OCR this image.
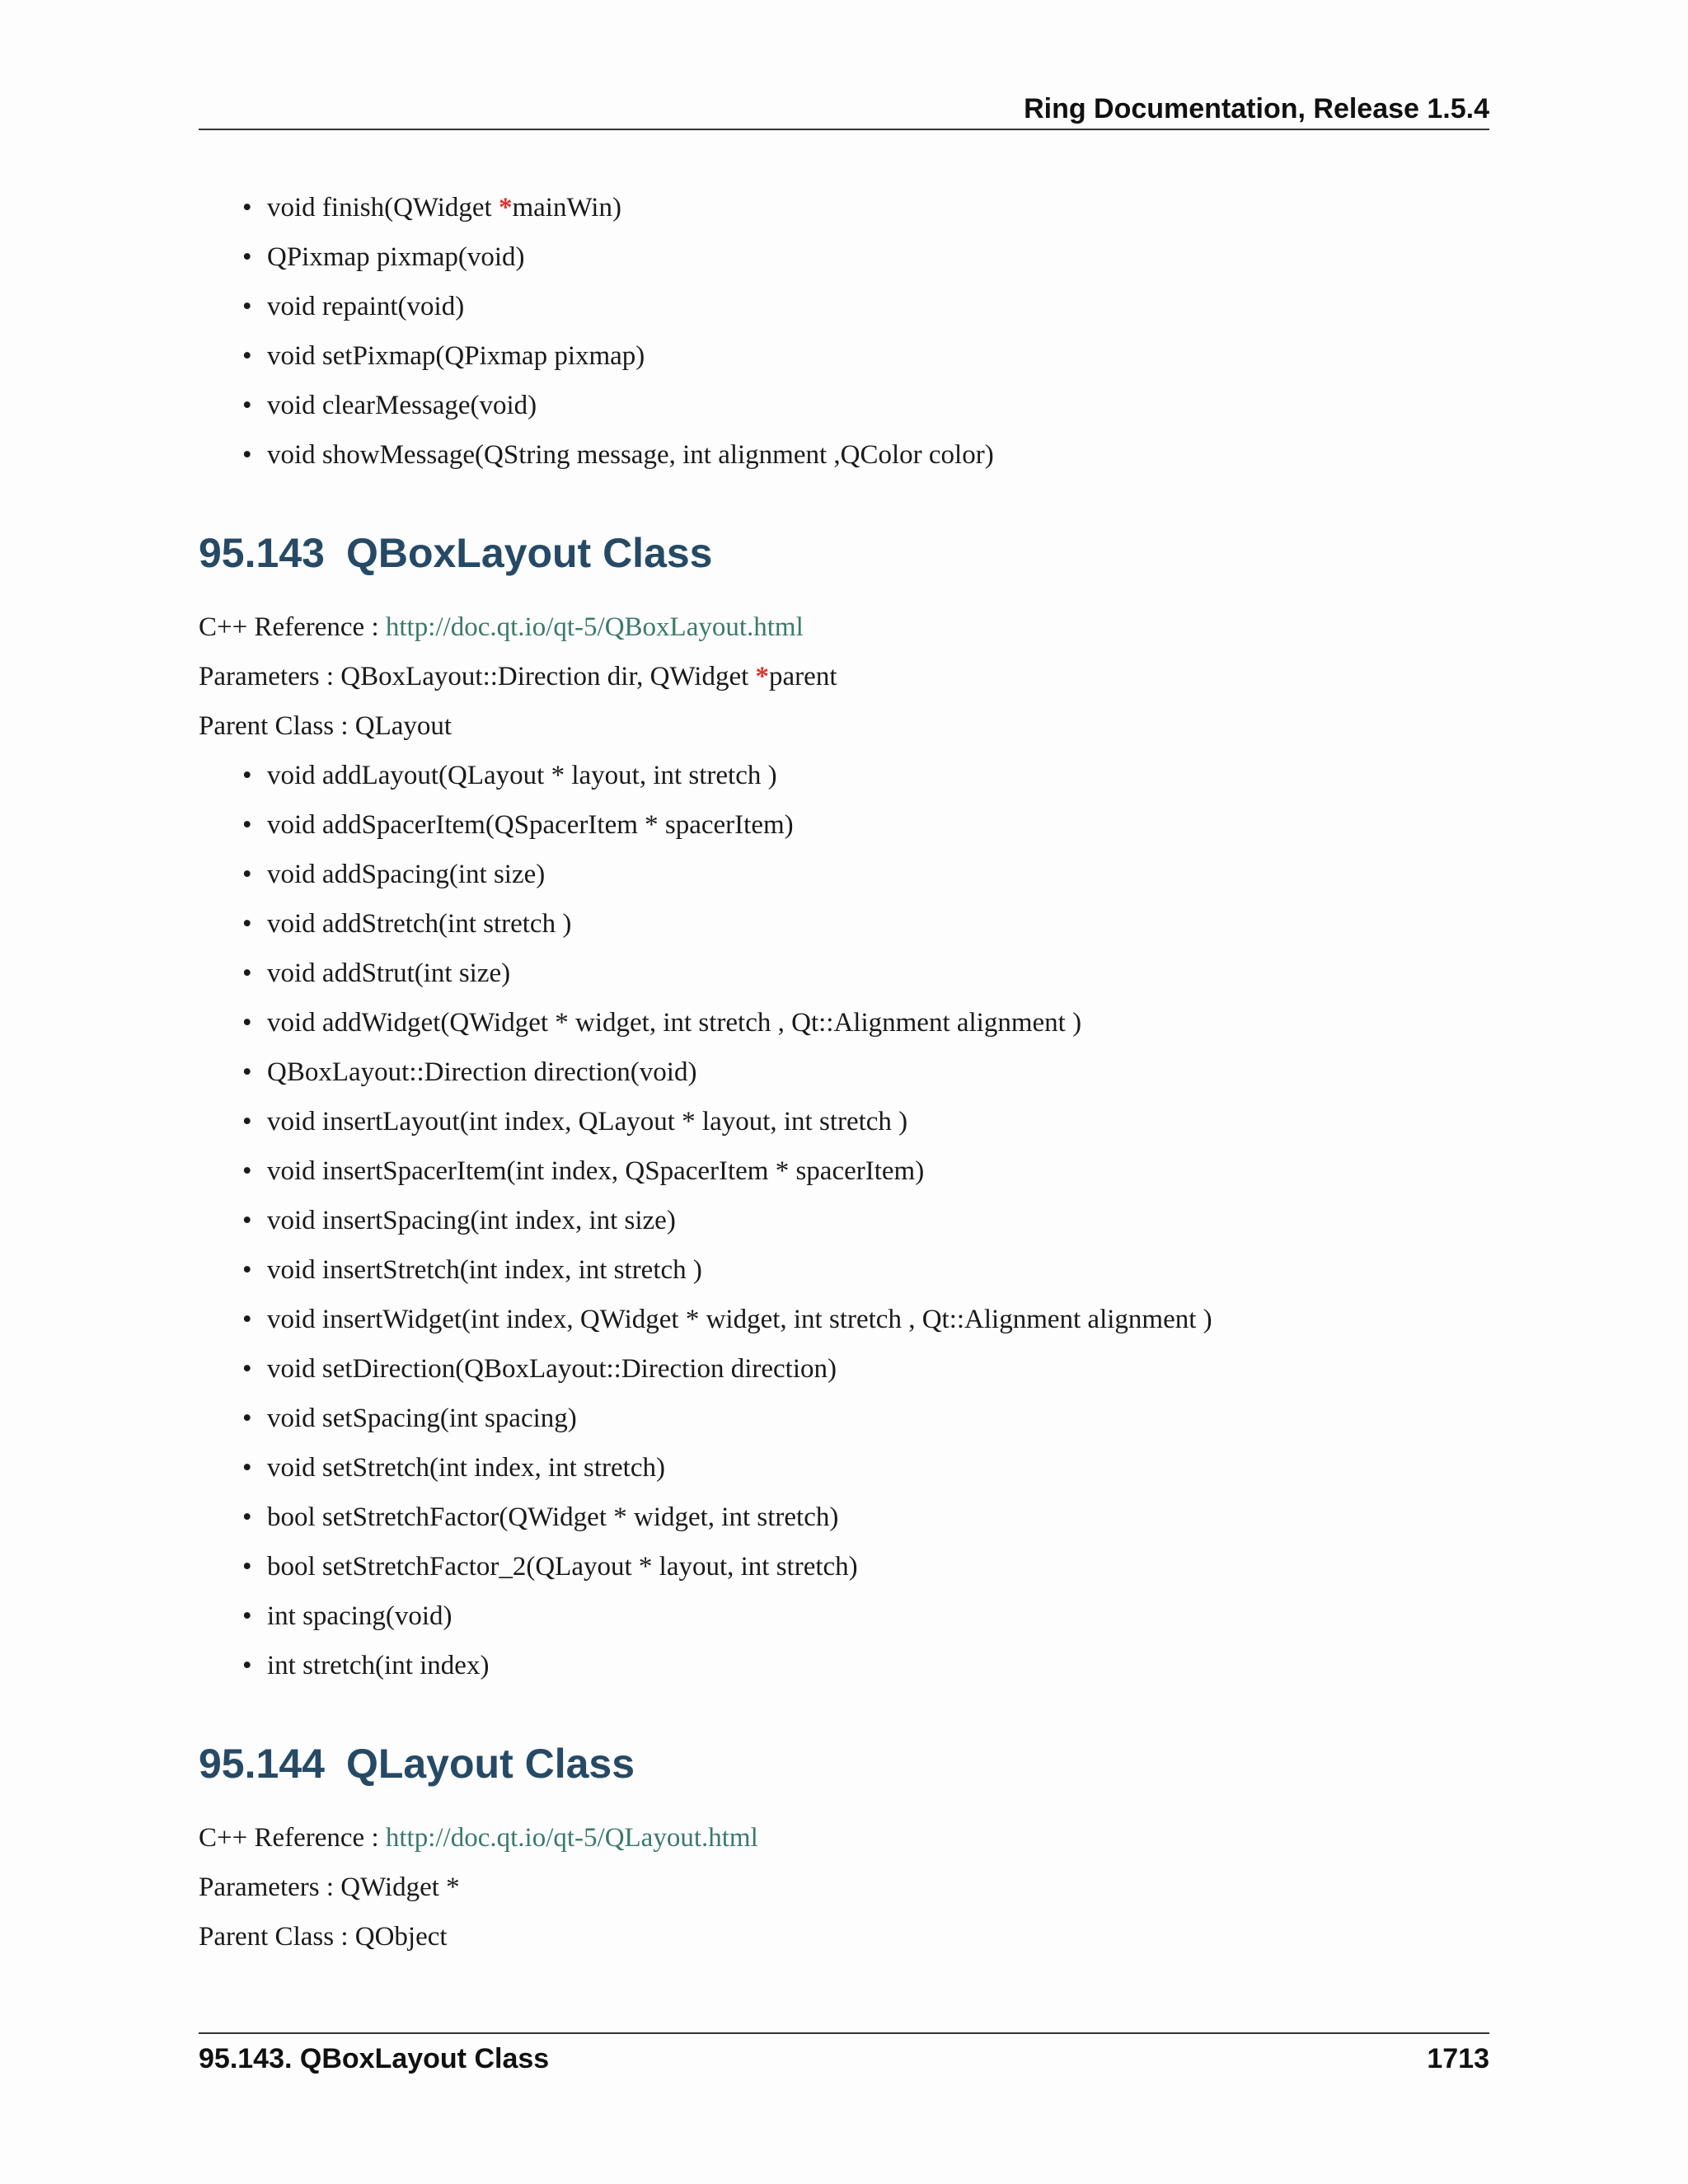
Ring Documentation, Release 1.5.4
• void finish(QWidget *mainWin)
• QPixmap pixmap(void)
• void repaint(void)
• void setPixmap(QPixmap pixmap)
• void clearMessage(void)
• void showMessage(QString message, int alignment ,QColor color)
95.143 QBoxLayout Class

C++ Reference : http://doc.qt.io/qt-5/QBoxLayout.html

Parameters : QBoxLayout::Direction dir, QWidget *parent

Parent Class : QLayout

• void addLayout(QLayout * layout, int stretch )
• void addSpacerItem(QSpacerItem * spacerItem)
• void addSpacing(int size)
• void addStretch(int stretch )
• void addStrut(int size)
• void addWidget(QWidget * widget, int stretch , Qt::Alignment alignment )
• QBoxLayout::Direction direction(void)
• void insertLayout(int index, QLayout * layout, int stretch )
• void insertSpacerItem(int index, QSpacerItem * spacerItem)
• void insertSpacing(int index, int size)
• void insertStretch(int index, int stretch )
• void insertWidget(int index, QWidget * widget, int stretch , Qt::Alignment alignment )
• void setDirection(QBoxLayout::Direction direction)
• void setSpacing(int spacing)
• void setStretch(int index, int stretch)
• bool setStretchFactor(QWidget * widget, int stretch)
• bool setStretchFactor_2(QLayout * layout, int stretch)
• int spacing(void)
• int stretch(int index)
95.144 QLayout Class

C++ Reference : http://doc.qt.io/qt-5/QLayout.html

Parameters : QWidget *

Parent Class : QObject

95.143. QBoxLayout Class	1713
